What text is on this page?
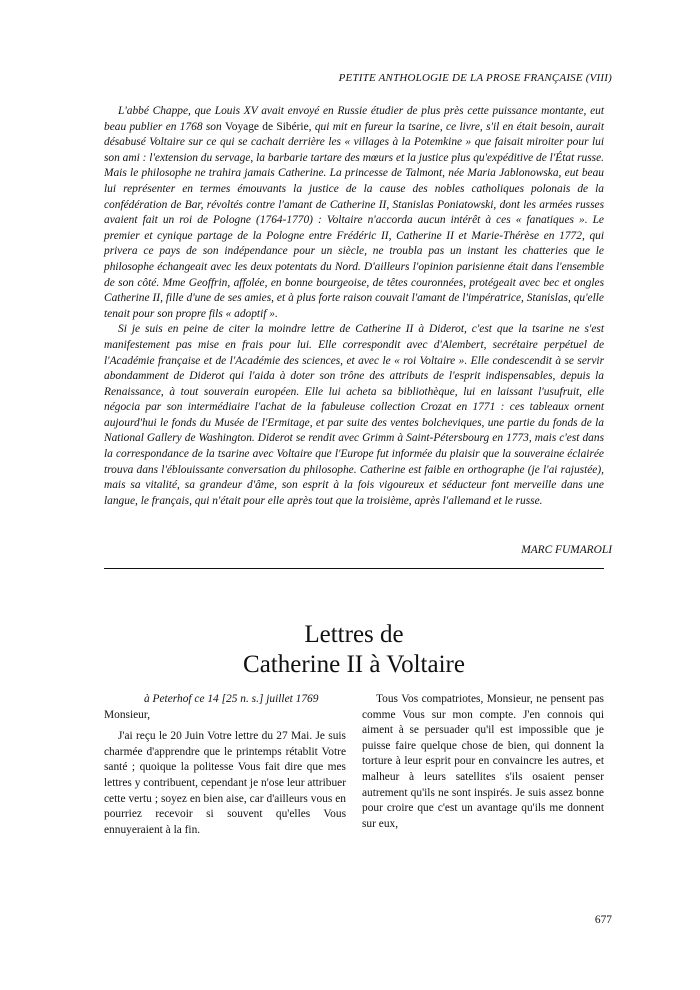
PETITE ANTHOLOGIE DE LA PROSE FRANÇAISE (VIII)

L'abbé Chappe, que Louis XV avait envoyé en Russie étudier de plus près cette puissance montante, eut beau publier en 1768 son Voyage de Sibérie, qui mit en fureur la tsarine, ce livre, s'il en était besoin, aurait désabusé Voltaire sur ce qui se cachait derrière les « villages à la Potemkine » que faisait miroiter pour lui son ami : l'extension du servage, la barbarie tartare des mœurs et la justice plus qu'expéditive de l'État russe. Mais le philosophe ne trahira jamais Catherine. La princesse de Talmont, née Maria Jablonowska, eut beau lui représenter en termes émouvants la justice de la cause des nobles catholiques polonais de la confédération de Bar, révoltés contre l'amant de Catherine II, Stanislas Poniatowski, dont les armées russes avaient fait un roi de Pologne (1764-1770) : Voltaire n'accorda aucun intérêt à ces « fanatiques ». Le premier et cynique partage de la Pologne entre Frédéric II, Catherine II et Marie-Thérèse en 1772, qui privera ce pays de son indépendance pour un siècle, ne troubla pas un instant les chatteries que le philosophe échangeait avec les deux potentats du Nord. D'ailleurs l'opinion parisienne était dans l'ensemble de son côté. Mme Geoffrin, affolée, en bonne bourgeoise, de têtes couronnées, protégeait avec bec et ongles Catherine II, fille d'une de ses amies, et à plus forte raison couvait l'amant de l'impératrice, Stanislas, qu'elle tenait pour son propre fils « adoptif ».

Si je suis en peine de citer la moindre lettre de Catherine II à Diderot, c'est que la tsarine ne s'est manifestement pas mise en frais pour lui. Elle correspondit avec d'Alembert, secrétaire perpétuel de l'Académie française et de l'Académie des sciences, et avec le « roi Voltaire ». Elle condescendit à se servir abondamment de Diderot qui l'aida à doter son trône des attributs de l'esprit indispensables, depuis la Renaissance, à tout souverain européen. Elle lui acheta sa bibliothèque, lui en laissant l'usufruit, elle négocia par son intermédiaire l'achat de la fabuleuse collection Crozat en 1771 : ces tableaux ornent aujourd'hui le fonds du Musée de l'Ermitage, et par suite des ventes bolcheviques, une partie du fonds de la National Gallery de Washington. Diderot se rendit avec Grimm à Saint-Pétersbourg en 1773, mais c'est dans la correspondance de la tsarine avec Voltaire que l'Europe fut informée du plaisir que la souveraine éclairée trouva dans l'éblouissante conversation du philosophe. Catherine est faible en orthographe (je l'ai rajustée), mais sa vitalité, sa grandeur d'âme, son esprit à la fois vigoureux et séducteur font merveille dans une langue, le français, qui n'était pour elle après tout que la troisième, après l'allemand et le russe.

MARC FUMAROLI
Lettres de
Catherine II à Voltaire

à Peterhof ce 14 [25 n. s.] juillet 1769

Monsieur,

J'ai reçu le 20 Juin Votre lettre du 27 Mai. Je suis charmée d'apprendre que le printemps rétablit Votre santé ; quoique la politesse Vous fait dire que mes lettres y contribuent, cependant je n'ose leur attribuer cette vertu ; soyez en bien aise, car d'ailleurs vous en pourriez recevoir si souvent qu'elles Vous ennuyeraient à la fin.

Tous Vos compatriotes, Monsieur, ne pensent pas comme Vous sur mon compte. J'en connois qui aiment à se persuader qu'il est impossible que je puisse faire quelque chose de bien, qui donnent la torture à leur esprit pour en convaincre les autres, et malheur à leurs satellites s'ils osaient penser autrement qu'ils ne sont inspirés. Je suis assez bonne pour croire que c'est un avantage qu'ils me donnent sur eux,

677
